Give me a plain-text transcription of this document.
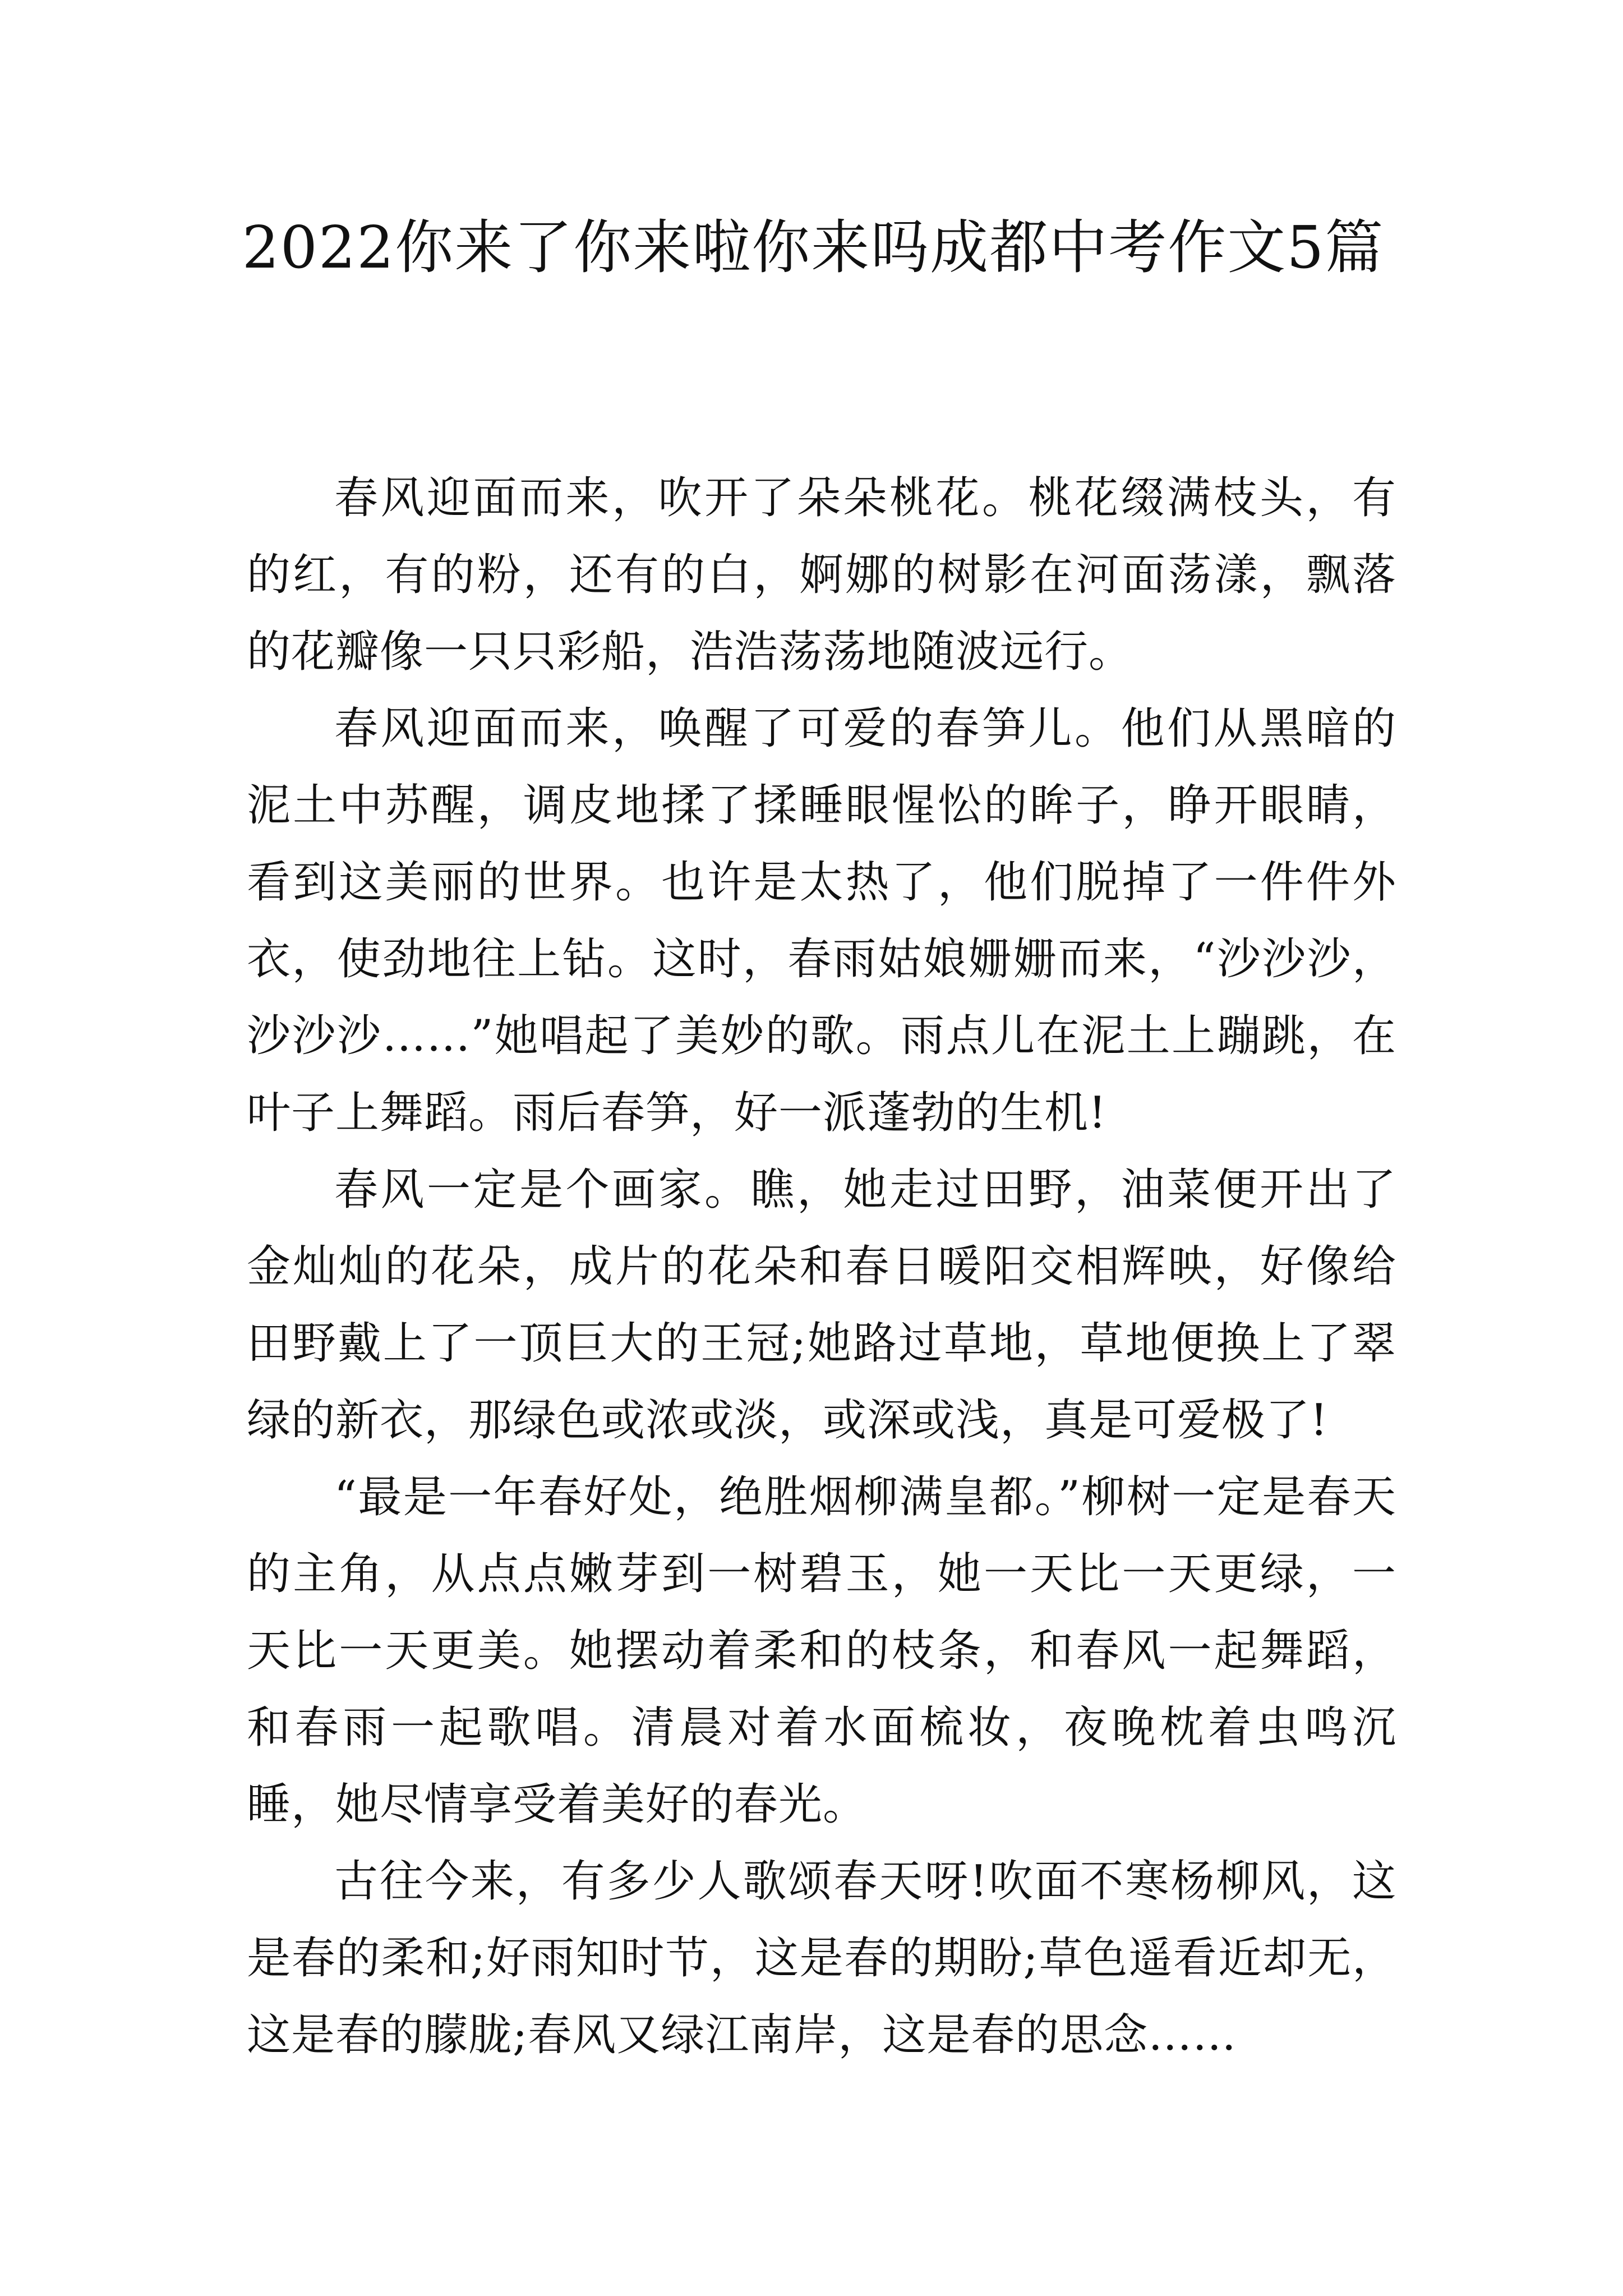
2022你来了你来啦你来吗成都中考作文5篇

春风迎面而来，吹开了朵朵桃花。桃花缀满枝头，有的红，有的粉，还有的白，婀娜的树影在河面荡漾，飘落的花瓣像一只只彩船，浩浩荡荡地随波远行。

春风迎面而来，唤醒了可爱的春笋儿。他们从黑暗的泥土中苏醒，调皮地揉了揉睡眼惺忪的眸子，睁开眼睛，看到这美丽的世界。也许是太热了，他们脱掉了一件件外衣，使劲地往上钻。这时，春雨姑娘姗姗而来，“沙沙沙，沙沙沙……”她唱起了美妙的歌。雨点儿在泥土上蹦跳，在叶子上舞蹈。雨后春笋，好一派蓬勃的生机!

春风一定是个画家。瞧，她走过田野，油菜便开出了金灿灿的花朵，成片的花朵和春日暖阳交相辉映，好像给田野戴上了一顶巨大的王冠;她路过草地，草地便换上了翠绿的新衣，那绿色或浓或淡，或深或浅，真是可爱极了!

“最是一年春好处，绝胜烟柳满皇都。”柳树一定是春天的主角，从点点嫩芽到一树碧玉，她一天比一天更绿，一天比一天更美。她摆动着柔和的枝条，和春风一起舞蹈，和春雨一起歌唱。清晨对着水面梳妆，夜晚枕着虫鸣沉睡，她尽情享受着美好的春光。

古往今来，有多少人歌颂春天呀!吹面不寒杨柳风，这是春的柔和;好雨知时节，这是春的期盼;草色遥看近却无，这是春的朦胧;春风又绿江南岸，这是春的思念……
